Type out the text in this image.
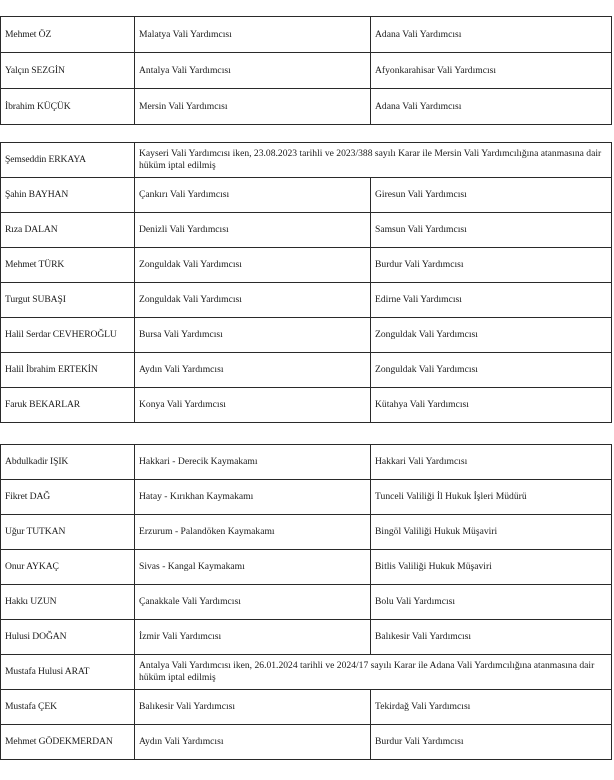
Mehmet ÖZ	Malatya Vali Yardımcısı	Adana Vali Yardımcısı
Yalçın SEZGİN	Antalya Vali Yardımcısı	Afyonkarahisar Vali Yardımcısı
İbrahim KÜÇÜK	Mersin Vali Yardımcısı	Adana Vali Yardımcısı
Şemseddin ERKAYA	Kayseri Vali Yardımcısı iken, 23.08.2023 tarihli ve 2023/388 sayılı Karar ile Mersin Vali Yardımcılığına atanmasına dair hüküm iptal edilmiş	
Şahin BAYHAN	Çankırı Vali Yardımcısı	Giresun Vali Yardımcısı
Rıza DALAN	Denizli Vali Yardımcısı	Samsun Vali Yardımcısı
Mehmet TÜRK	Zonguldak Vali Yardımcısı	Burdur Vali Yardımcısı
Turgut SUBAŞI	Zonguldak Vali Yardımcısı	Edirne Vali Yardımcısı
Halil Serdar CEVHEROĞLU	Bursa Vali Yardımcısı	Zonguldak Vali Yardımcısı
Halil İbrahim ERTEKİN	Aydın Vali Yardımcısı	Zonguldak Vali Yardımcısı
Faruk BEKARLAR	Konya Vali Yardımcısı	Kütahya Vali Yardımcısı
Abdulkadir IŞIK	Hakkari - Derecik Kaymakamı	Hakkari Vali Yardımcısı
Fikret DAĞ	Hatay - Kırıkhan Kaymakamı	Tunceli Valiliği İl Hukuk İşleri Müdürü
Uğur TUTKAN	Erzurum - Palandöken Kaymakamı	Bingöl Valiliği Hukuk Müşaviri
Onur AYKAÇ	Sivas - Kangal Kaymakamı	Bitlis Valiliği Hukuk Müşaviri
Hakkı UZUN	Çanakkale Vali Yardımcısı	Bolu Vali Yardımcısı
Hulusi DOĞAN	İzmir Vali Yardımcısı	Balıkesir Vali Yardımcısı
Mustafa Hulusi ARAT	Antalya Vali Yardımcısı iken, 26.01.2024 tarihli ve 2024/17 sayılı Karar ile Adana Vali Yardımcılığına atanmasına dair hüküm iptal edilmiş	
Mustafa ÇEK	Balıkesir Vali Yardımcısı	Tekirdağ Vali Yardımcısı
Mehmet GÖDEKMERDAN	Aydın Vali Yardımcısı	Burdur Vali Yardımcısı
